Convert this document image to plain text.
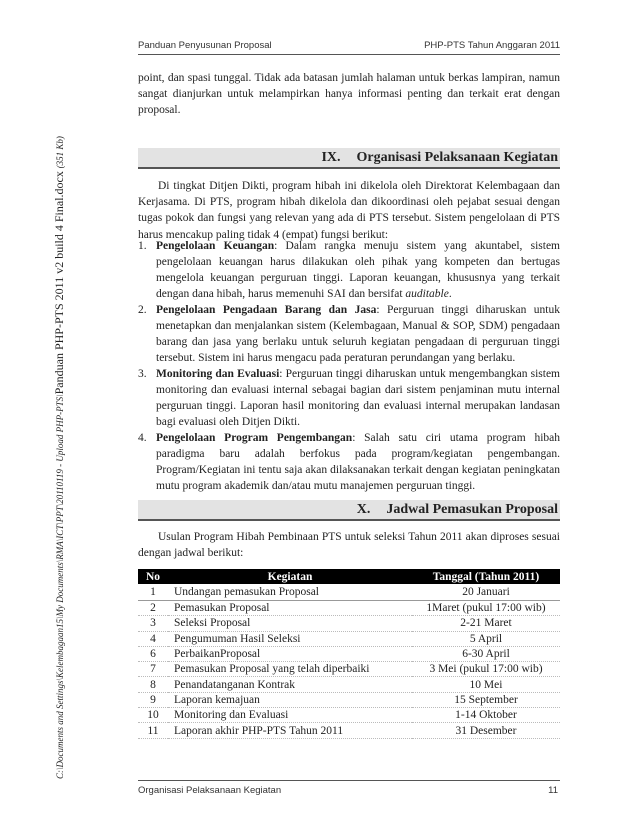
C:\Documents and Settings\Kelembagaan15\My Documents\RMA\ICT\PPT\20110119 - Upload PHP-PTS\Panduan PHP-PTS 2011 v2 build 4 Final.docx (351 Kb)
Panduan Penyusunan Proposal	PHP-PTS Tahun Anggaran 2011

point, dan spasi tunggal. Tidak ada batasan jumlah halaman untuk berkas lampiran, namun sangat dianjurkan untuk melampirkan hanya informasi penting dan terkait erat dengan proposal.

IX. Organisasi Pelaksanaan Kegiatan

Di tingkat Ditjen Dikti, program hibah ini dikelola oleh Direktorat Kelembagaan dan Kerjasama. Di PTS, program hibah dikelola dan dikoordinasi oleh pejabat sesuai dengan tugas pokok dan fungsi yang relevan yang ada di PTS tersebut. Sistem pengelolaan di PTS harus mencakup paling tidak 4 (empat) fungsi berikut:

1. Pengelolaan Keuangan: Dalam rangka menuju sistem yang akuntabel, sistem pengelolaan keuangan harus dilakukan oleh pihak yang kompeten dan bertugas mengelola keuangan perguruan tinggi. Laporan keuangan, khususnya yang terkait dengan dana hibah, harus memenuhi SAI dan bersifat auditable.
2. Pengelolaan Pengadaan Barang dan Jasa: Perguruan tinggi diharuskan untuk menetapkan dan menjalankan sistem (Kelembagaan, Manual & SOP, SDM) pengadaan barang dan jasa yang berlaku untuk seluruh kegiatan pengadaan di perguruan tinggi tersebut. Sistem ini harus mengacu pada peraturan perundangan yang berlaku.
3. Monitoring dan Evaluasi: Perguruan tinggi diharuskan untuk mengembangkan sistem monitoring dan evaluasi internal sebagai bagian dari sistem penjaminan mutu internal perguruan tinggi. Laporan hasil monitoring dan evaluasi internal merupakan landasan bagi evaluasi oleh Ditjen Dikti.
4. Pengelolaan Program Pengembangan: Salah satu ciri utama program hibah paradigma baru adalah berfokus pada program/kegiatan pengembangan. Program/Kegiatan ini tentu saja akan dilaksanakan terkait dengan kegiatan peningkatan mutu program akademik dan/atau mutu manajemen perguruan tinggi.
X. Jadwal Pemasukan Proposal

Usulan Program Hibah Pembinaan PTS untuk seleksi Tahun 2011 akan diproses sesuai dengan jadwal berikut:

No	Kegiatan	Tanggal (Tahun 2011)
1	Undangan pemasukan Proposal	20 Januari
2	Pemasukan Proposal	1Maret (pukul 17:00 wib)
3	Seleksi Proposal	2-21 Maret
4	Pengumuman Hasil Seleksi	5 April
6	PerbaikanProposal	6-30 April
7	Pemasukan Proposal yang telah diperbaiki	3 Mei (pukul 17:00 wib)
8	Penandatanganan Kontrak	10 Mei
9	Laporan kemajuan	15 September
10	Monitoring dan Evaluasi	1-14 Oktober
11	Laporan akhir PHP-PTS Tahun 2011	31 Desember
Organisasi Pelaksanaan Kegiatan	11
